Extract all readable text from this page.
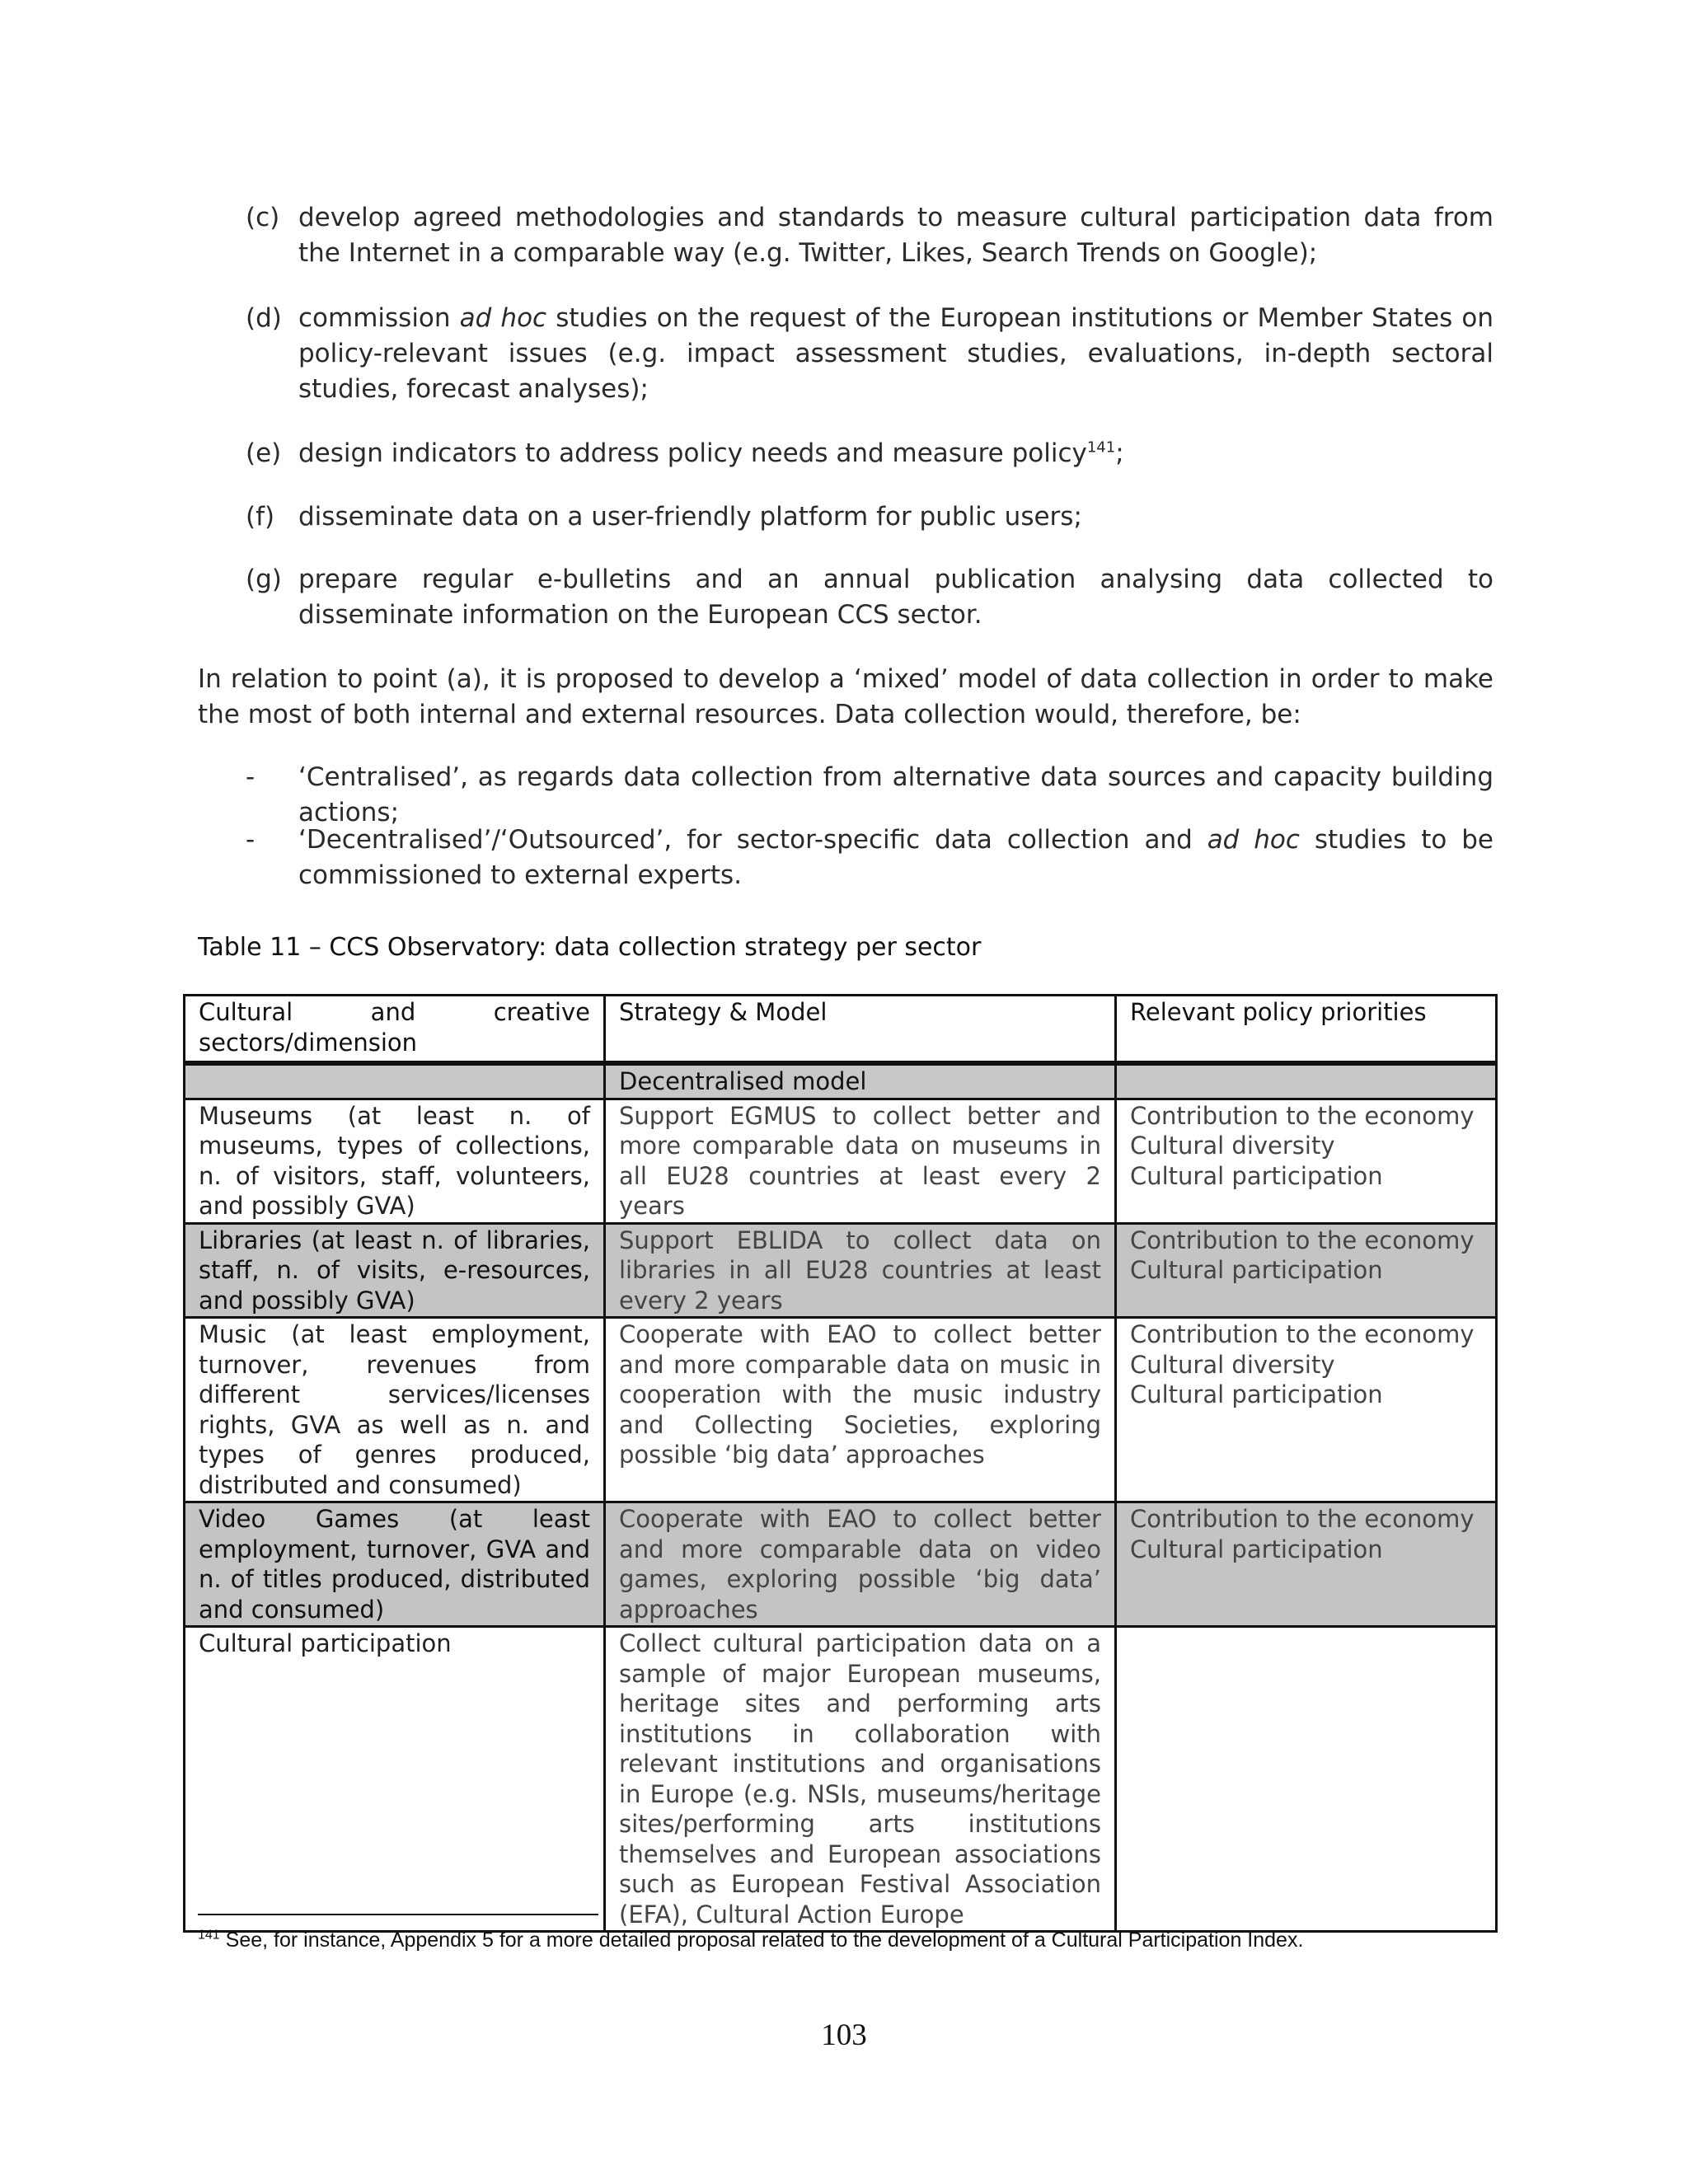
(c) develop agreed methodologies and standards to measure cultural participation data from the Internet in a comparable way (e.g. Twitter, Likes, Search Trends on Google);
(d) commission ad hoc studies on the request of the European institutions or Member States on policy-relevant issues (e.g. impact assessment studies, evaluations, in-depth sectoral studies, forecast analyses);
(e) design indicators to address policy needs and measure policy$^{141}$;
(f) disseminate data on a user-friendly platform for public users;
(g) prepare regular e-bulletins and an annual publication analysing data collected to disseminate information on the European CCS sector.
In relation to point (a), it is proposed to develop a ‘mixed’ model of data collection in order to make the most of both internal and external resources. Data collection would, therefore, be:
- ‘Centralised’, as regards data collection from alternative data sources and capacity building actions;
- ‘Decentralised’/‘Outsourced’, for sector-specific data collection and ad hoc studies to be commissioned to external experts.
Table 11 – CCS Observatory: data collection strategy per sector
Cultural and creative sectors/dimension	Strategy & Model	Relevant policy priorities
	Decentralised model	
Museums (at least n. of museums, types of collections, n. of visitors, staff, volunteers, and possibly GVA)	Support EGMUS to collect better and more comparable data on museums in all EU28 countries at least every 2 years	Contribution to the economy
Cultural diversity
Cultural participation

Libraries (at least n. of libraries, staff, n. of visits, e-resources, and possibly GVA)	Support EBLIDA to collect data on libraries in all EU28 countries at least every 2 years	Contribution to the economy
Cultural participation

Music (at least employment, turnover, revenues from different services/licenses rights, GVA as well as n. and types of genres produced, distributed and consumed)	Cooperate with EAO to collect better and more comparable data on music in cooperation with the music industry and Collecting Societies, exploring possible ‘big data’ approaches	Contribution to the economy
Cultural diversity
Cultural participation

Video Games (at least employment, turnover, GVA and n. of titles produced, distributed and consumed)	Cooperate with EAO to collect better and more comparable data on video games, exploring possible ‘big data’ approaches	Contribution to the economy
Cultural participation

Cultural participation	Collect cultural participation data on a sample of major European museums, heritage sites and performing arts institutions in collaboration with relevant institutions and organisations in Europe (e.g. NSIs, museums/heritage sites/performing arts institutions themselves and European associations such as European Festival Association (EFA), Cultural Action Europe	
$^{141}$ See, for instance, Appendix 5 for a more detailed proposal related to the development of a Cultural Participation Index.
103
